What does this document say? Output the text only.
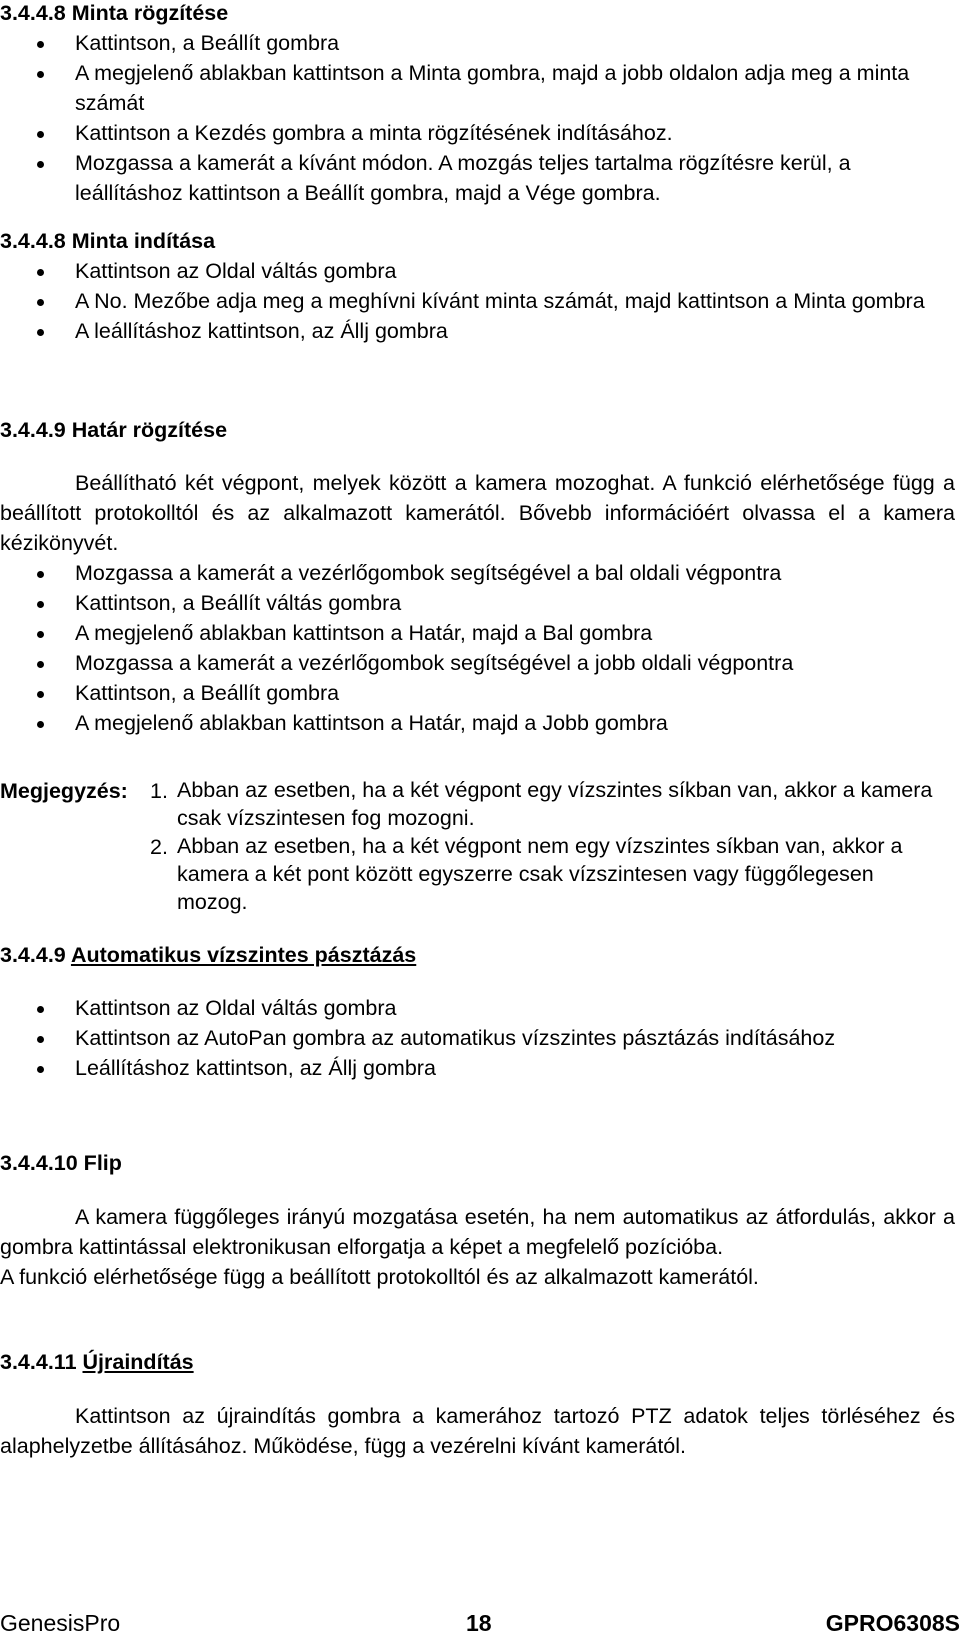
3.4.4.8 Minta rögzítése
Kattintson, a Beállít gombra
A megjelenő ablakban kattintson a Minta gombra, majd a jobb oldalon adja meg a minta számát
Kattintson a Kezdés gombra a minta rögzítésének indításához.
Mozgassa a kamerát a kívánt módon. A mozgás teljes tartalma rögzítésre kerül, a leállításhoz kattintson a Beállít gombra, majd a Vége gombra.
3.4.4.8 Minta indítása
Kattintson az Oldal váltás gombra
A No. Mezőbe adja meg a meghívni kívánt minta számát, majd kattintson a Minta gombra
A leállításhoz kattintson, az Állj gombra
3.4.4.9 Határ rögzítése

Beállítható két végpont, melyek között a kamera mozoghat. A funkció elérhetősége függ a beállított protokolltól és az alkalmazott kamerától. Bővebb információért olvassa el a kamera kézikönyvét.

Mozgassa a kamerát a vezérlőgombok segítségével a bal oldali végpontra
Kattintson, a Beállít váltás gombra
A megjelenő ablakban kattintson a Határ, majd a Bal gombra
Mozgassa a kamerát a vezérlőgombok segítségével a jobb oldali végpontra
Kattintson, a Beállít gombra
A megjelenő ablakban kattintson a Határ, majd a Jobb gombra
Megjegyzés: 1. Abban az esetben, ha a két végpont egy vízszintes síkban van, akkor a kamera csak vízszintesen fog mozogni.
2. Abban az esetben, ha a két végpont nem egy vízszintes síkban van, akkor a kamera a két pont között egyszerre csak vízszintesen vagy függőlegesen mozog.
3.4.4.9 Automatikus vízszintes pásztázás
Kattintson az Oldal váltás gombra
Kattintson az AutoPan gombra az automatikus vízszintes pásztázás indításához
Leállításhoz kattintson, az Állj gombra
3.4.4.10 Flip

A kamera függőleges irányú mozgatása esetén, ha nem automatikus az átfordulás, akkor a gombra kattintással elektronikusan elforgatja a képet a megfelelő pozícióba.

A funkció elérhetősége függ a beállított protokolltól és az alkalmazott kamerától.

3.4.4.11 Újraindítás

Kattintson az újraindítás gombra a kamerához tartozó PTZ adatok teljes törléséhez és alaphelyzetbe állításához. Működése, függ a vezérelni kívánt kamerától.

GenesisPro	18	GPRO6308S
